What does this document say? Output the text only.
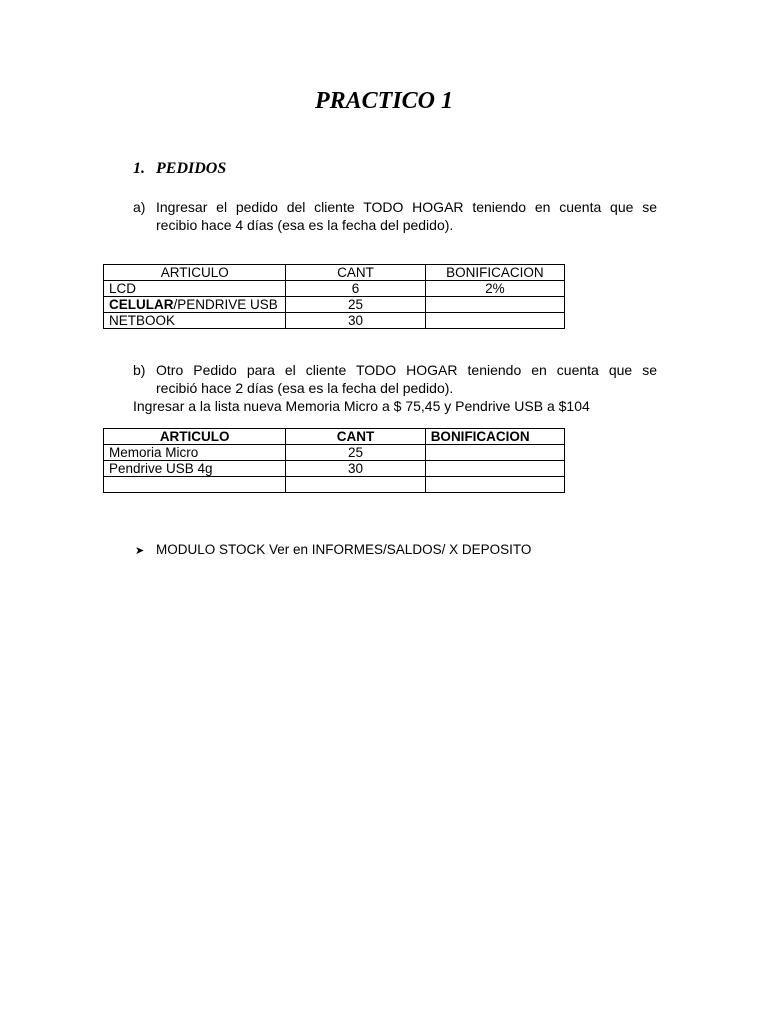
PRACTICO 1
1. PEDIDOS
a) Ingresar el pedido del cliente TODO HOGAR teniendo en cuenta que se
recibio hace 4 días (esa es la fecha del pedido).
ARTICULO	CANT	BONIFICACION
LCD	6	2%
CELULAR/PENDRIVE USB	25	
NETBOOK	30	
b) Otro Pedido para el cliente TODO HOGAR teniendo en cuenta que se
recibió hace 2 días (esa es la fecha del pedido).
Ingresar a la lista nueva Memoria Micro a $ 75,45 y Pendrive USB a $104
ARTICULO	CANT	BONIFICACION
Memoria Micro	25	
Pendrive USB 4g	30	

➤ MODULO STOCK Ver en INFORMES/SALDOS/ X DEPOSITO
